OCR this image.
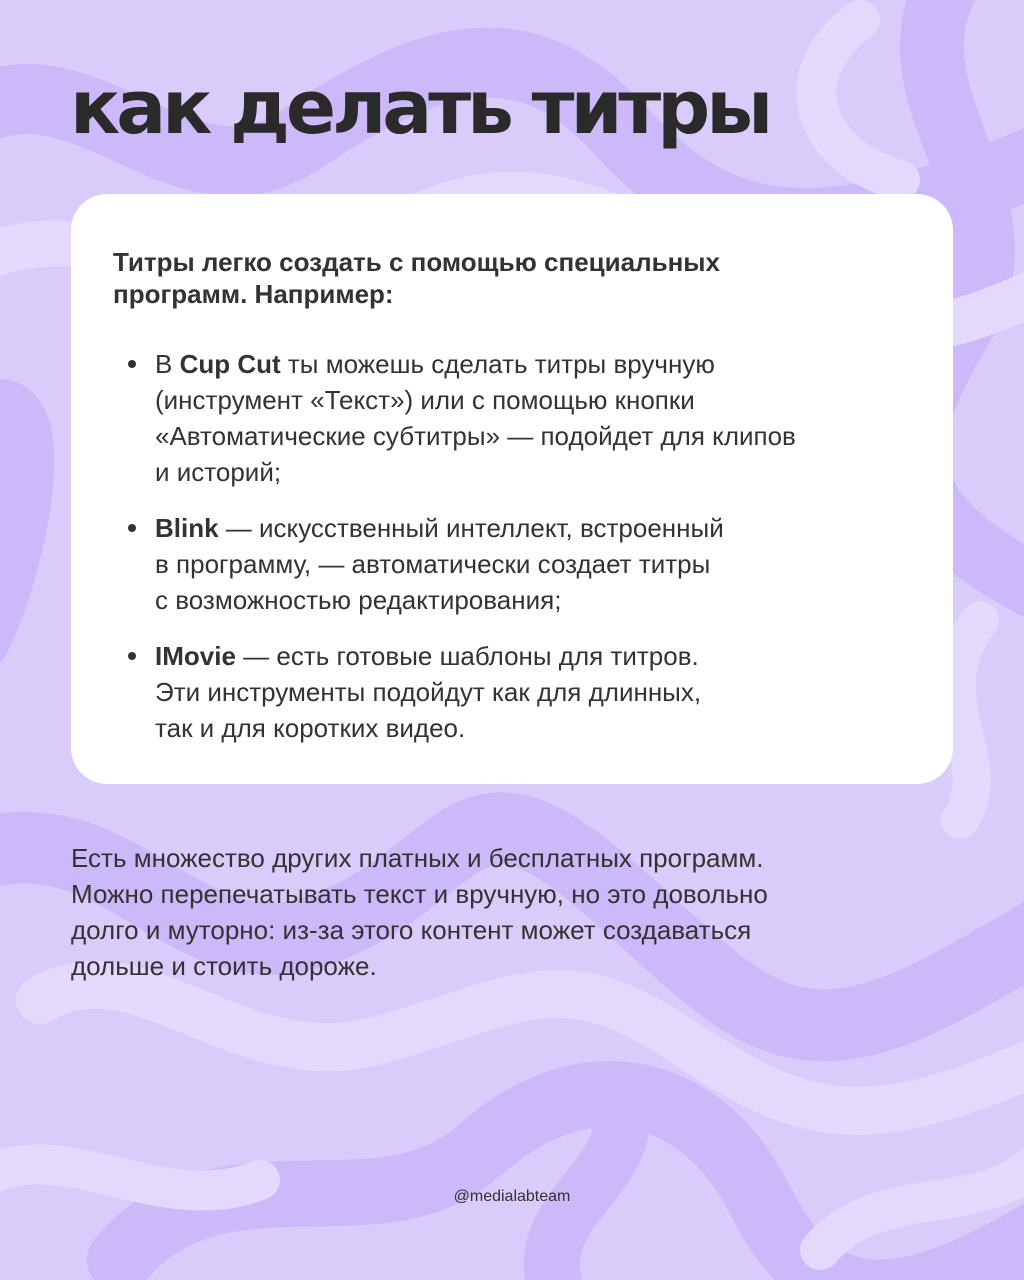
как делать титры

Титры легко создать с помощью специальных программ. Например:

В Cup Cut ты можешь сделать титры вручную
(инструмент «Текст») или с помощью кнопки
«Автоматические субтитры» — подойдет для клипов
и историй;
Blink — искусственный интеллект, встроенный
в программу, — автоматически создает титры
с возможностью редактирования;
IMovie — есть готовые шаблоны для титров.
Эти инструменты подойдут как для длинных,
так и для коротких видео.
Есть множество других платных и бесплатных программ.
Можно перепечатывать текст и вручную, но это довольно
долго и муторно: из-за этого контент может создаваться
дольше и стоить дороже.
@medialabteam
